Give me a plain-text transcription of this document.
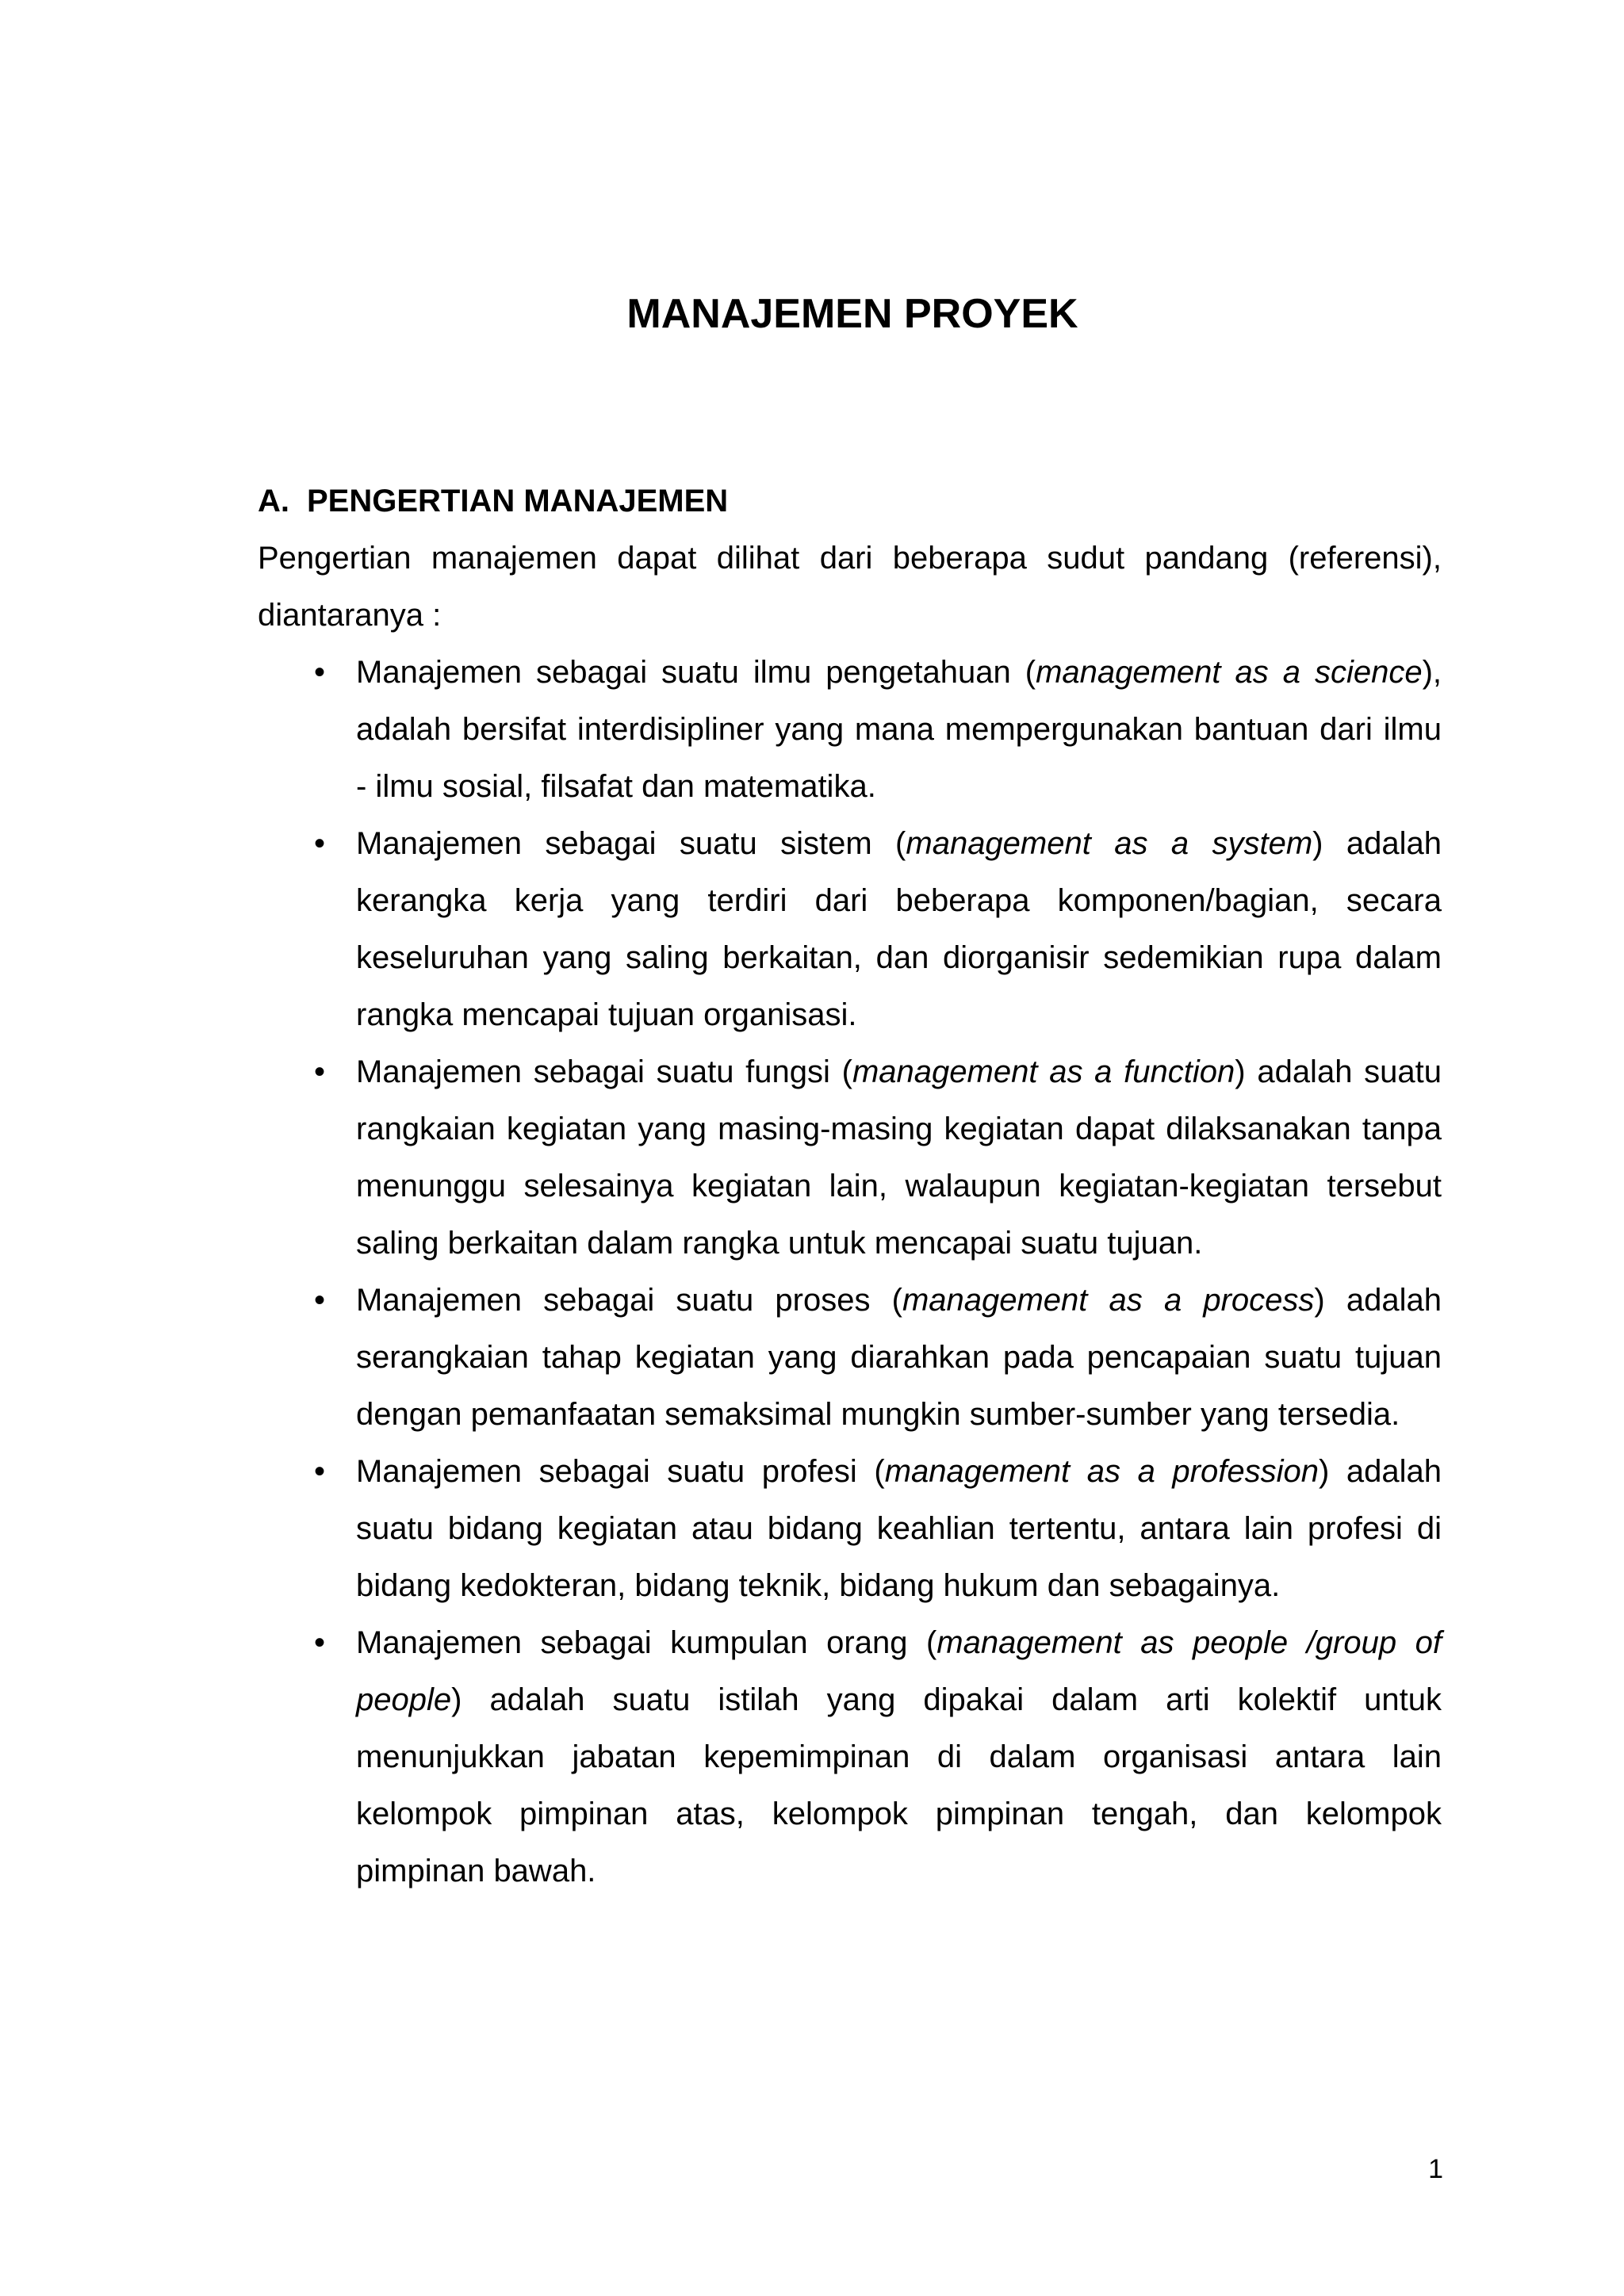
MANAJEMEN PROYEK

A. PENGERTIAN MANAJEMEN

Pengertian manajemen dapat dilihat dari beberapa sudut pandang (referensi), diantaranya :

• Manajemen sebagai suatu ilmu pengetahuan (management as a science), adalah bersifat interdisipliner yang mana mempergunakan bantuan dari ilmu - ilmu sosial, filsafat dan matematika.
• Manajemen sebagai suatu sistem (management as a system) adalah kerangka kerja yang terdiri dari beberapa komponen/bagian, secara keseluruhan yang saling berkaitan, dan diorganisir sedemikian rupa dalam rangka mencapai tujuan organisasi.
• Manajemen sebagai suatu fungsi (management as a function) adalah suatu rangkaian kegiatan yang masing-masing kegiatan dapat dilaksanakan tanpa menunggu selesainya kegiatan lain, walaupun kegiatan-kegiatan tersebut saling berkaitan dalam rangka untuk mencapai suatu tujuan.
• Manajemen sebagai suatu proses (management as a process) adalah serangkaian tahap kegiatan yang diarahkan pada pencapaian suatu tujuan dengan pemanfaatan semaksimal mungkin sumber-sumber yang tersedia.
• Manajemen sebagai suatu profesi (management as a profession) adalah suatu bidang kegiatan atau bidang keahlian tertentu, antara lain profesi di bidang kedokteran, bidang teknik, bidang hukum dan sebagainya.
• Manajemen sebagai kumpulan orang (management as people /group of people) adalah suatu istilah yang dipakai dalam arti kolektif untuk menunjukkan jabatan kepemimpinan di dalam organisasi antara lain kelompok pimpinan atas, kelompok pimpinan tengah, dan kelompok pimpinan bawah.
1
